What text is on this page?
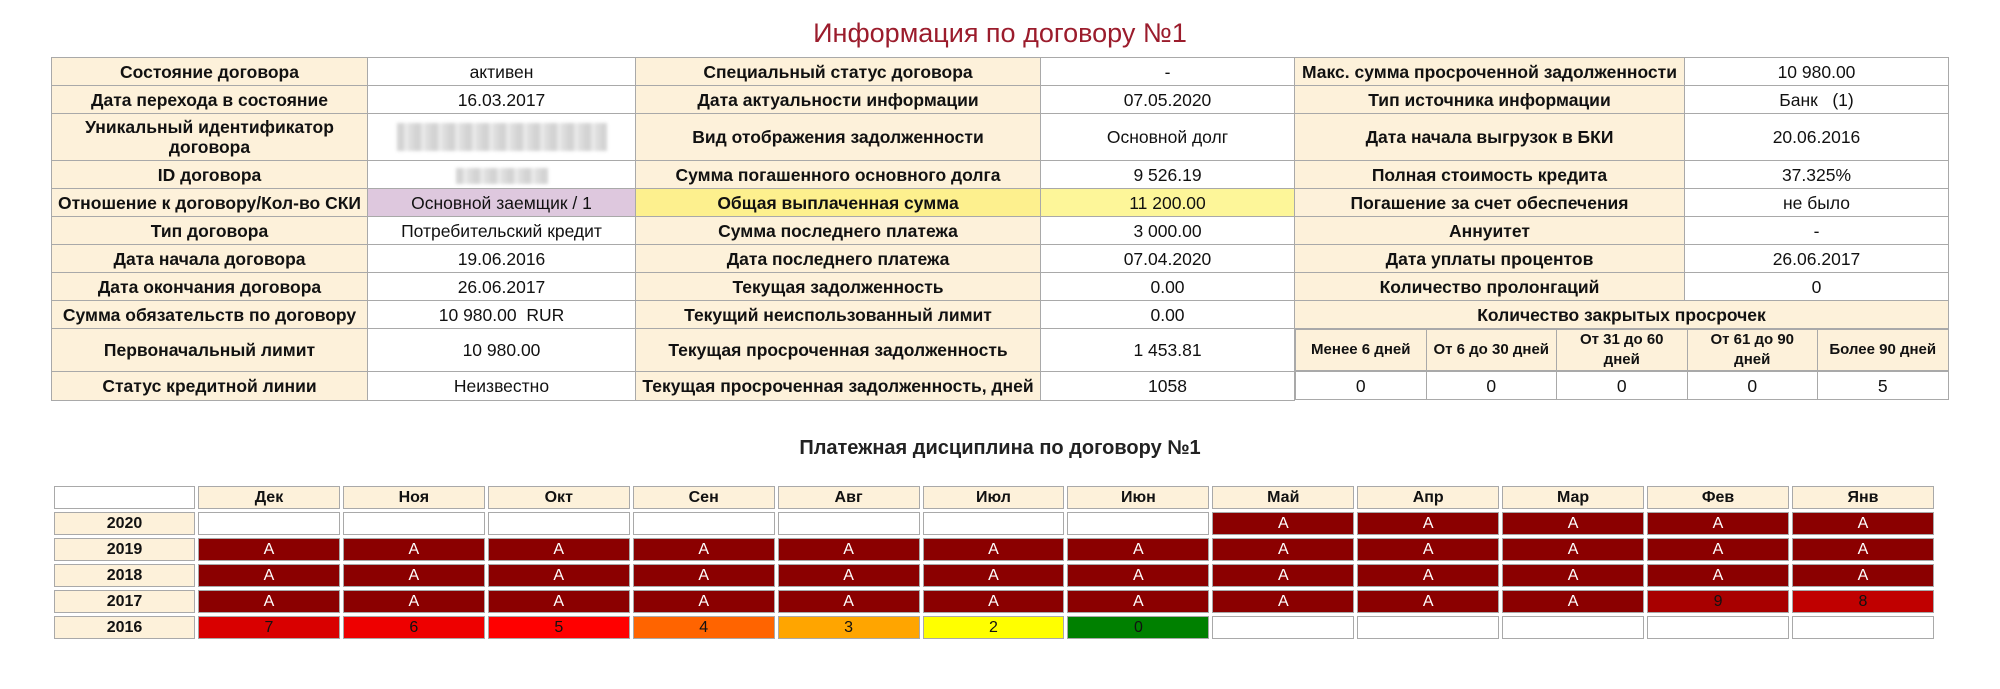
Информация по договору №1
Состояние договора	активен	Специальный статус договора	-	Макс. сумма просроченной задолженности	10 980.00
Дата перехода в состояние	16.03.2017	Дата актуальности информации	07.05.2020	Тип источника информации	Банк   (1)
Уникальный идентификатор договора		Вид отображения задолженности	Основной долг	Дата начала выгрузок в БКИ	20.06.2016
ID договора		Сумма погашенного основного долга	9 526.19	Полная стоимость кредита	37.325%
Отношение к договору/Кол-во СКИ	Основной заемщик / 1	Общая выплаченная сумма	11 200.00	Погашение за счет обеспечения	не было
Тип договора	Потребительский кредит	Сумма последнего платежа	3 000.00	Аннуитет	-
Дата начала договора	19.06.2016	Дата последнего платежа	07.04.2020	Дата уплаты процентов	26.06.2017
Дата окончания договора	26.06.2017	Текущая задолженность	0.00	Количество пролонгаций	0
Сумма обязательств по договору	10 980.00  RUR	Текущий неиспользованный лимит	0.00	Количество закрытых просрочек
Первоначальный лимит	10 980.00	Текущая просроченная задолженность	1 453.81		Менее 6 дней	От 6 до 30 дней	От 31 до 60 дней	От 61 до 90 дней	Более 90 дней

Статус кредитной линии	Неизвестно	Текущая просроченная задолженность, дней	1058		0	0	0	0	5
Платежная дисциплина по договору №1
	Дек	Ноя	Окт	Сен	Авг	Июл	Июн	Май	Апр	Мар	Фев	Янв
2020								A	A	A	A	A
2019	A	A	A	A	A	A	A	A	A	A	A	A
2018	A	A	A	A	A	A	A	A	A	A	A	A
2017	A	A	A	A	A	A	A	A	A	A	9	8
2016	7	6	5	4	3	2	0					
